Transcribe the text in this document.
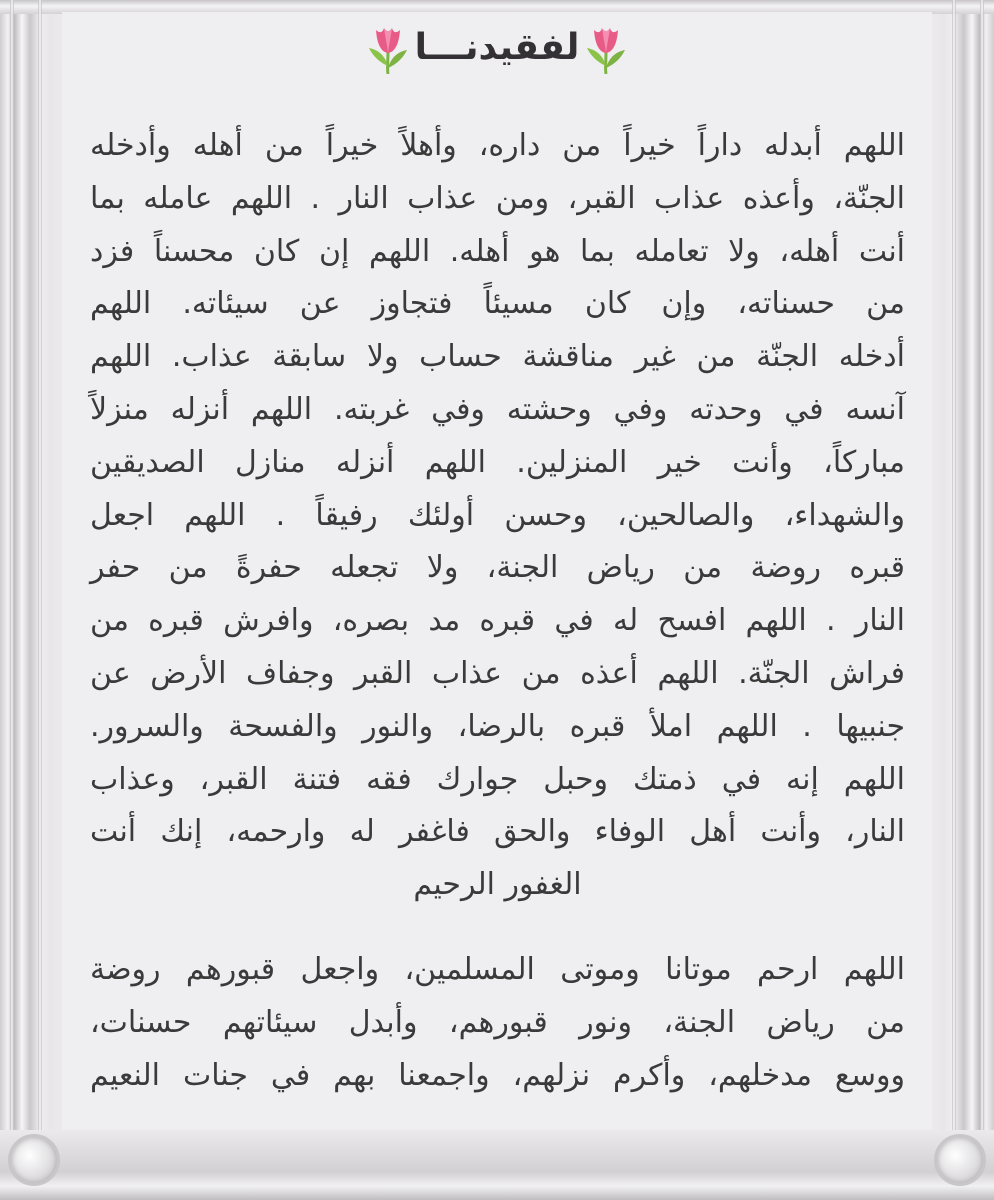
لفقيدنـــا
اللهم أبدله داراً خيراً من داره، وأهلاً خيراً من أهله وأدخله
الجنّة، وأعذه عذاب القبر، ومن عذاب النار . اللهم عامله بما
أنت أهله، ولا تعامله بما هو أهله. اللهم إن كان محسناً فزد
من حسناته، وإن كان مسيئاً فتجاوز عن سيئاته. اللهم
أدخله الجنّة من غير مناقشة حساب ولا سابقة عذاب. اللهم
آنسه في وحدته وفي وحشته وفي غربته. اللهم أنزله منزلاً
مباركاً، وأنت خير المنزلين. اللهم أنزله منازل الصديقين
والشهداء، والصالحين، وحسن أولئك رفيقاً . اللهم اجعل
قبره روضة من رياض الجنة، ولا تجعله حفرةً من حفر
النار . اللهم افسح له في قبره مد بصره، وافرش قبره من
فراش الجنّة. اللهم أعذه من عذاب القبر وجفاف الأرض عن
جنبيها . اللهم املأ قبره بالرضا، والنور والفسحة والسرور.
اللهم إنه في ذمتك وحبل جوارك فقه فتنة القبر، وعذاب
النار، وأنت أهل الوفاء والحق فاغفر له وارحمه، إنك أنت
الغفور الرحيم
اللهم ارحم موتانا وموتى المسلمين، واجعل قبورهم روضة
من رياض الجنة، ونور قبورهم، وأبدل سيئاتهم حسنات،
ووسع مدخلهم، وأكرم نزلهم، واجمعنا بهم في جنات النعيم
